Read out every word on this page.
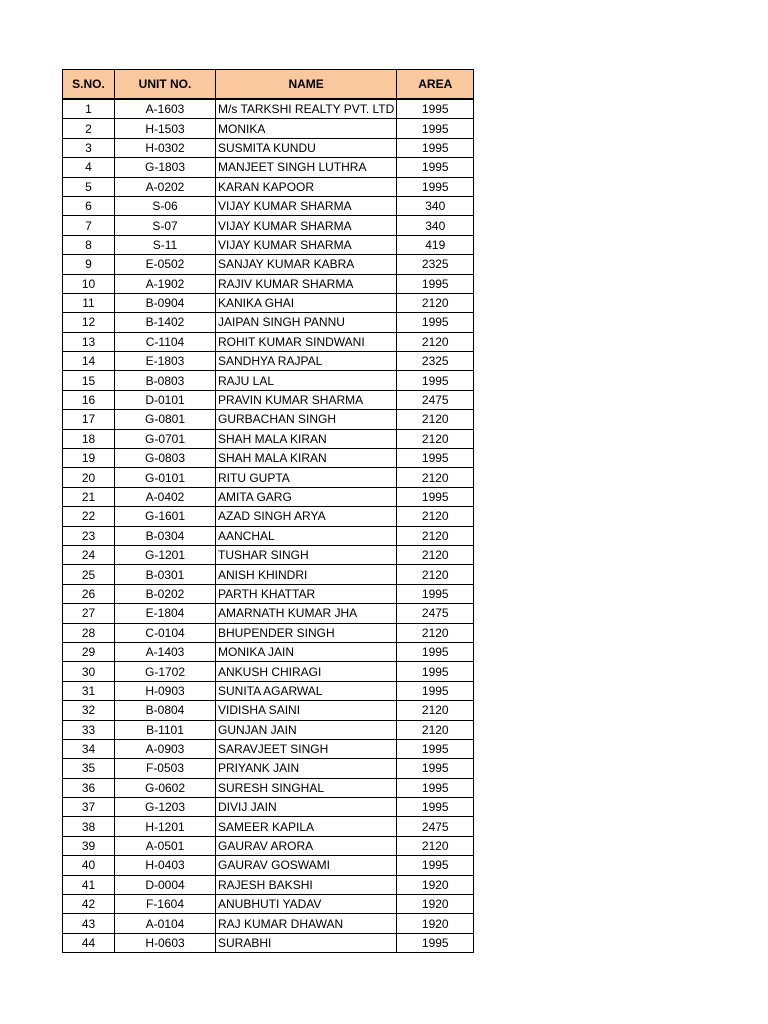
S.NO.	UNIT NO.	NAME	AREA
1	A-1603	M/s TARKSHI REALTY PVT. LTD	1995
2	H-1503	MONIKA	1995
3	H-0302	SUSMITA KUNDU	1995
4	G-1803	MANJEET SINGH LUTHRA	1995
5	A-0202	KARAN KAPOOR	1995
6	S-06	VIJAY KUMAR SHARMA	340
7	S-07	VIJAY KUMAR SHARMA	340
8	S-11	VIJAY KUMAR SHARMA	419
9	E-0502	SANJAY KUMAR KABRA	2325
10	A-1902	RAJIV KUMAR SHARMA	1995
11	B-0904	KANIKA GHAI	2120
12	B-1402	JAIPAN SINGH PANNU	1995
13	C-1104	ROHIT KUMAR SINDWANI	2120
14	E-1803	SANDHYA RAJPAL	2325
15	B-0803	RAJU LAL	1995
16	D-0101	PRAVIN KUMAR SHARMA	2475
17	G-0801	GURBACHAN SINGH	2120
18	G-0701	SHAH MALA KIRAN	2120
19	G-0803	SHAH MALA KIRAN	1995
20	G-0101	RITU GUPTA	2120
21	A-0402	AMITA GARG	1995
22	G-1601	AZAD SINGH ARYA	2120
23	B-0304	AANCHAL	2120
24	G-1201	TUSHAR SINGH	2120
25	B-0301	ANISH KHINDRI	2120
26	B-0202	PARTH KHATTAR	1995
27	E-1804	AMARNATH KUMAR JHA	2475
28	C-0104	BHUPENDER SINGH	2120
29	A-1403	MONIKA JAIN	1995
30	G-1702	ANKUSH CHIRAGI	1995
31	H-0903	SUNITA AGARWAL	1995
32	B-0804	VIDISHA SAINI	2120
33	B-1101	GUNJAN JAIN	2120
34	A-0903	SARAVJEET SINGH	1995
35	F-0503	PRIYANK JAIN	1995
36	G-0602	SURESH SINGHAL	1995
37	G-1203	DIVIJ JAIN	1995
38	H-1201	SAMEER KAPILA	2475
39	A-0501	GAURAV ARORA	2120
40	H-0403	GAURAV GOSWAMI	1995
41	D-0004	RAJESH BAKSHI	1920
42	F-1604	ANUBHUTI YADAV	1920
43	A-0104	RAJ KUMAR DHAWAN	1920
44	H-0603	SURABHI	1995
